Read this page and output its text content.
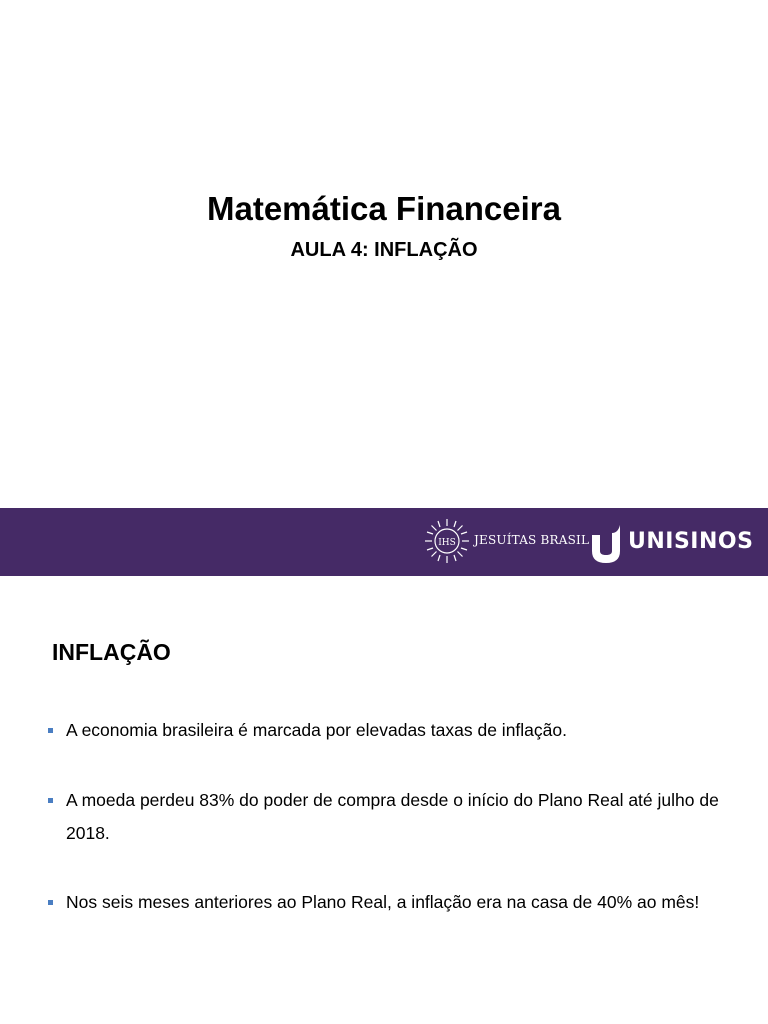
Matemática Financeira
AULA 4: INFLAÇÃO
IHS JESUÍTAS BRASIL UNISINOS
INFLAÇÃO
A economia brasileira é marcada por elevadas taxas de inflação.
A moeda perdeu 83% do poder de compra desde o início do Plano Real até julho de 2018.
Nos seis meses anteriores ao Plano Real, a inflação era na casa de 40% ao mês!
